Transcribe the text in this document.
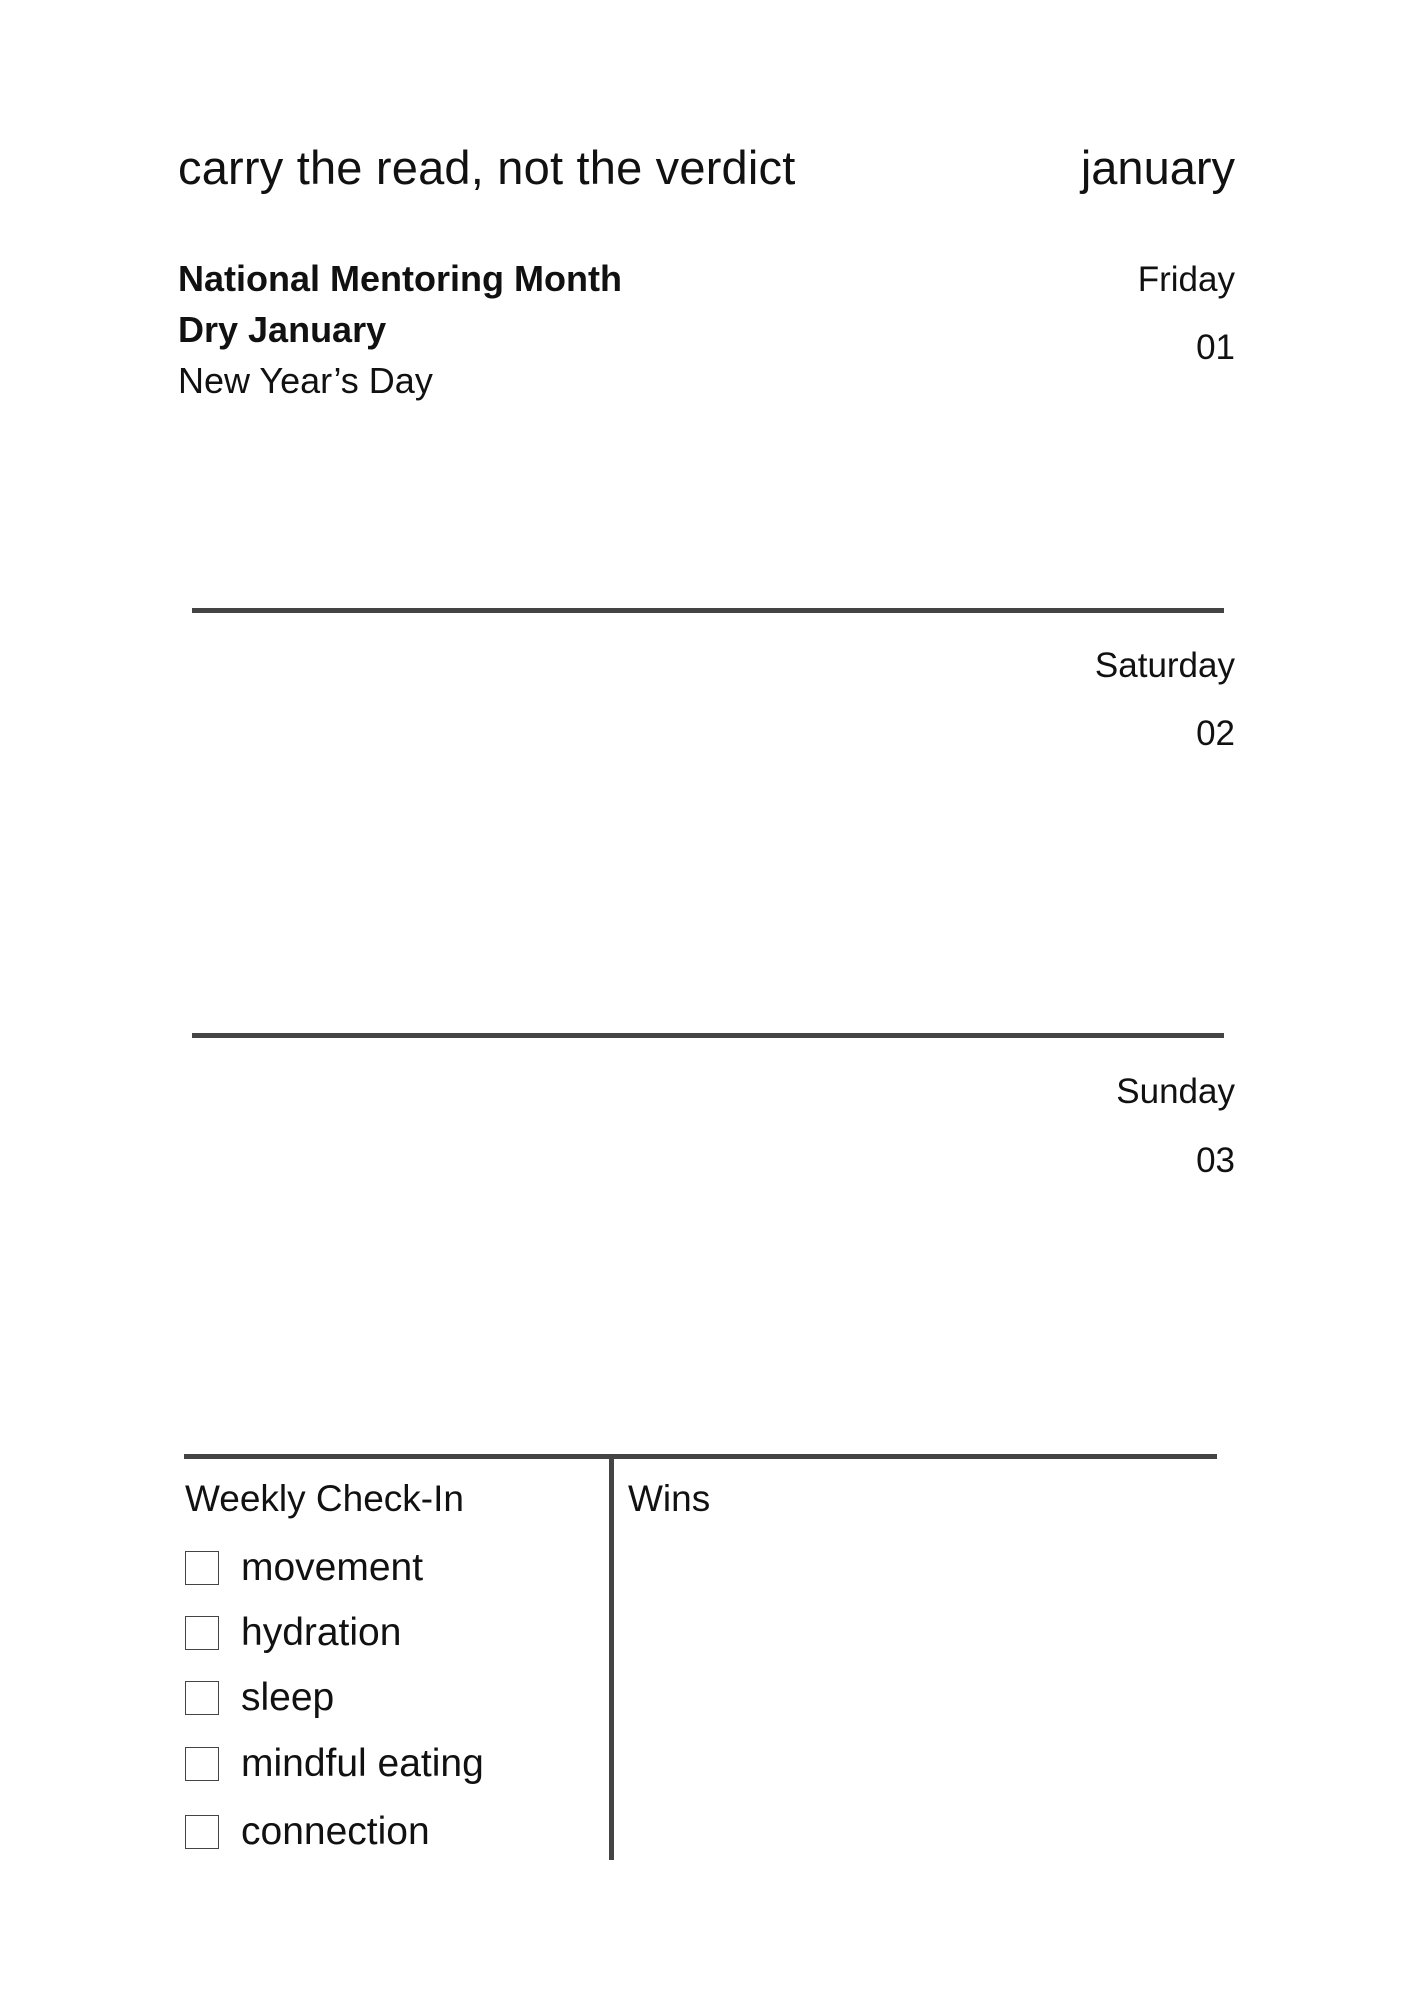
carry the read, not the verdict	january
National Mentoring Month
Dry January
New Year’s Day
Friday
01
Saturday
02
Sunday
03
Weekly Check-In	Wins
movement
hydration
sleep
mindful eating
connection
